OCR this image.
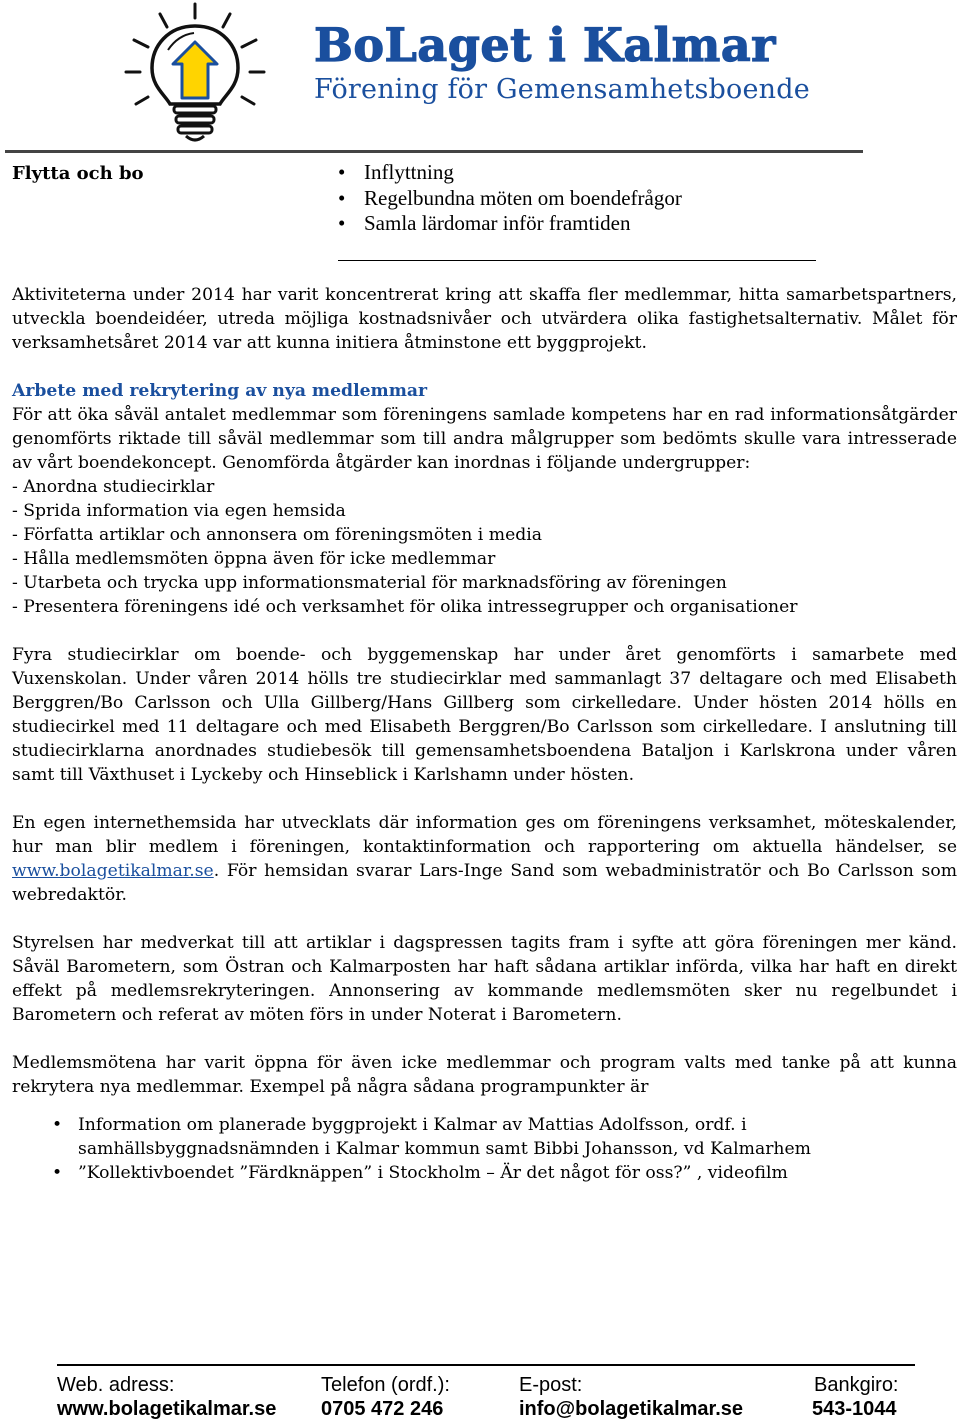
BoLaget i Kalmar
Förening för Gemensamhetsboende
Flytta och bo
•	Inflyttning
• Regelbundna möten om boendefrågor
• Samla lärdomar inför framtiden

Aktiviteterna under 2014 har varit koncentrerat kring att skaffa fler medlemmar, hitta samarbetspartners, utveckla boendeidéer, utreda möjliga kostnadsnivåer och utvärdera olika fastighetsalternativ. Målet för verksamhetsåret 2014 var att kunna initiera åtminstone ett byggprojekt.

Arbete med rekrytering av nya medlemmar

För att öka såväl antalet medlemmar som föreningens samlade kompetens har en rad informationsåtgärder genomförts riktade till såväl medlemmar som till andra målgrupper som bedömts skulle vara intresserade av vårt boendekoncept. Genomförda åtgärder kan inordnas i följande undergrupper:

- Anordna studiecirklar

- Sprida information via egen hemsida

- Författa artiklar och annonsera om föreningsmöten i media

- Hålla medlemsmöten öppna även för icke medlemmar

- Utarbeta och trycka upp informationsmaterial för marknadsföring av föreningen

- Presentera föreningens idé och verksamhet för olika intressegrupper och organisationer

Fyra studiecirklar om boende- och byggemenskap har under året genomförts i samarbete med Vuxenskolan. Under våren 2014 hölls tre studiecirklar med sammanlagt 37 deltagare och med Elisabeth Berggren/Bo Carlsson och Ulla Gillberg/Hans Gillberg som cirkelledare. Under hösten 2014 hölls en studiecirkel med 11 deltagare och med Elisabeth Berggren/Bo Carlsson som cirkelledare. I anslutning till studiecirklarna anordnades studiebesök till gemensamhetsboendena Bataljon i Karlskrona under våren samt till Växthuset i Lyckeby och Hinseblick i Karlshamn under hösten.

En egen internethemsida har utvecklats där information ges om föreningens verksamhet, möteskalender, hur man blir medlem i föreningen, kontaktinformation och rapportering om aktuella händelser, se www.bolagetikalmar.se. För hemsidan svarar Lars-Inge Sand som webadministratör och Bo Carlsson som webredaktör.

Styrelsen har medverkat till att artiklar i dagspressen tagits fram i syfte att göra föreningen mer känd. Såväl Barometern, som Östran och Kalmarposten har haft sådana artiklar införda, vilka har haft en direkt effekt på medlemsrekryteringen. Annonsering av kommande medlemsmöten sker nu regelbundet i Barometern och referat av möten förs in under Noterat i Barometern.

Medlemsmötena har varit öppna för även icke medlemmar och program valts med tanke på att kunna rekrytera nya medlemmar. Exempel på några sådana programpunkter är

• Information om planerade byggprojekt i Kalmar av Mattias Adolfsson, ordf. i samhällsbyggnadsnämnden i Kalmar kommun samt Bibbi Johansson, vd Kalmarhem
• ”Kollektivboendet ”Färdknäppen” i Stockholm – Är det något för oss?” , videofilm
Web. adress:
www.bolagetikalmar.se
Telefon (ordf.):
0705 472 246
E-post:
info@bolagetikalmar.se
Bankgiro:
543-1044
